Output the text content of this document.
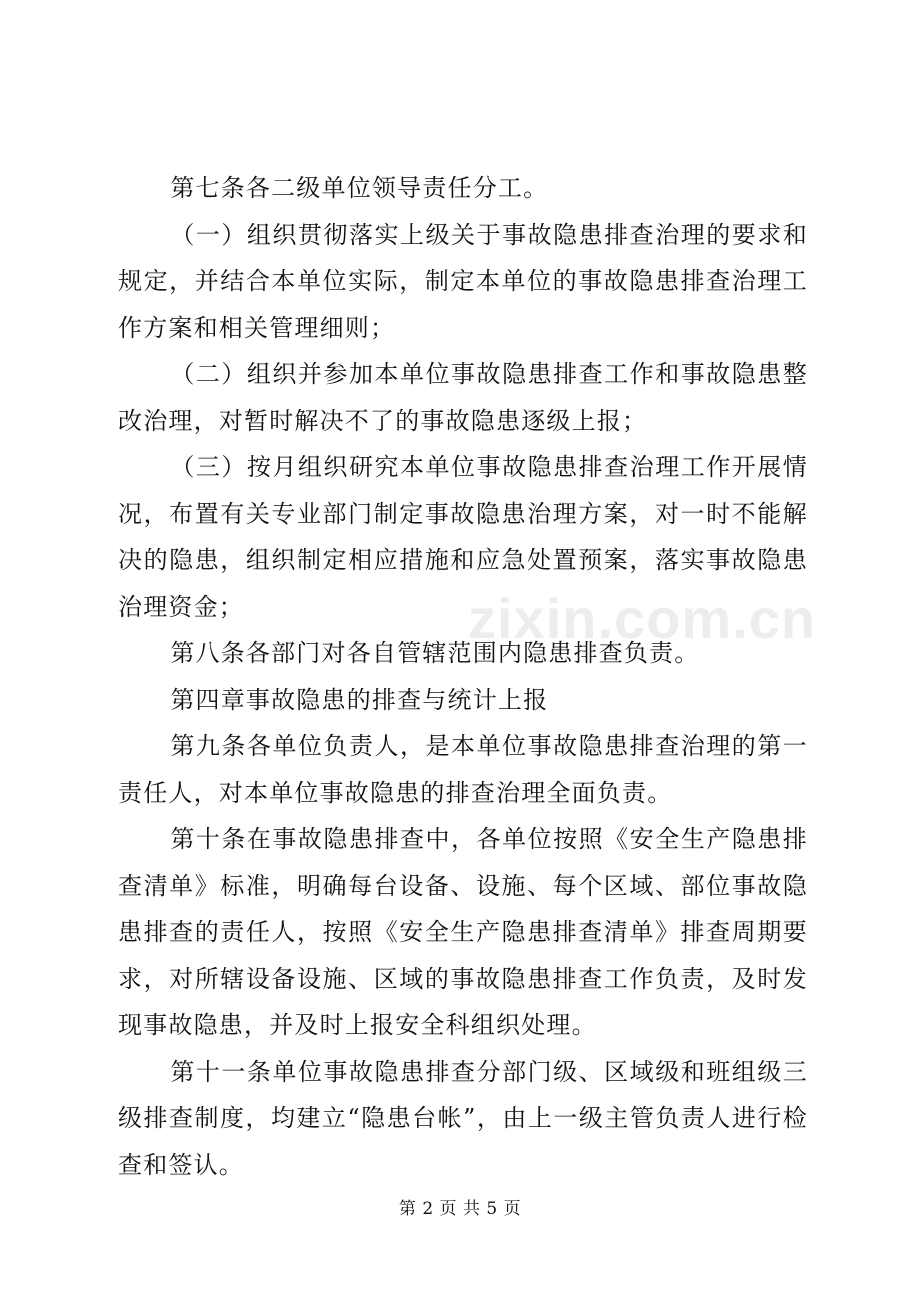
第七条各二级单位领导责任分工。

（一）组织贯彻落实上级关于事故隐患排查治理的要求和规定，并结合本单位实际，制定本单位的事故隐患排查治理工作方案和相关管理细则；

（二）组织并参加本单位事故隐患排查工作和事故隐患整改治理，对暂时解决不了的事故隐患逐级上报；

（三）按月组织研究本单位事故隐患排查治理工作开展情况，布置有关专业部门制定事故隐患治理方案，对一时不能解决的隐患，组织制定相应措施和应急处置预案，落实事故隐患治理资金；

第八条各部门对各自管辖范围内隐患排查负责。

第四章事故隐患的排查与统计上报

第九条各单位负责人，是本单位事故隐患排查治理的第一责任人，对本单位事故隐患的排查治理全面负责。

第十条在事故隐患排查中，各单位按照《安全生产隐患排查清单》标准，明确每台设备、设施、每个区域、部位事故隐患排查的责任人，按照《安全生产隐患排查清单》排查周期要求，对所辖设备设施、区域的事故隐患排查工作负责，及时发现事故隐患，并及时上报安全科组织处理。

第十一条单位事故隐患排查分部门级、区域级和班组级三级排查制度，均建立“隐患台帐”，由上一级主管负责人进行检查和签认。

zixin.com.cn
第 2 页 共 5 页
